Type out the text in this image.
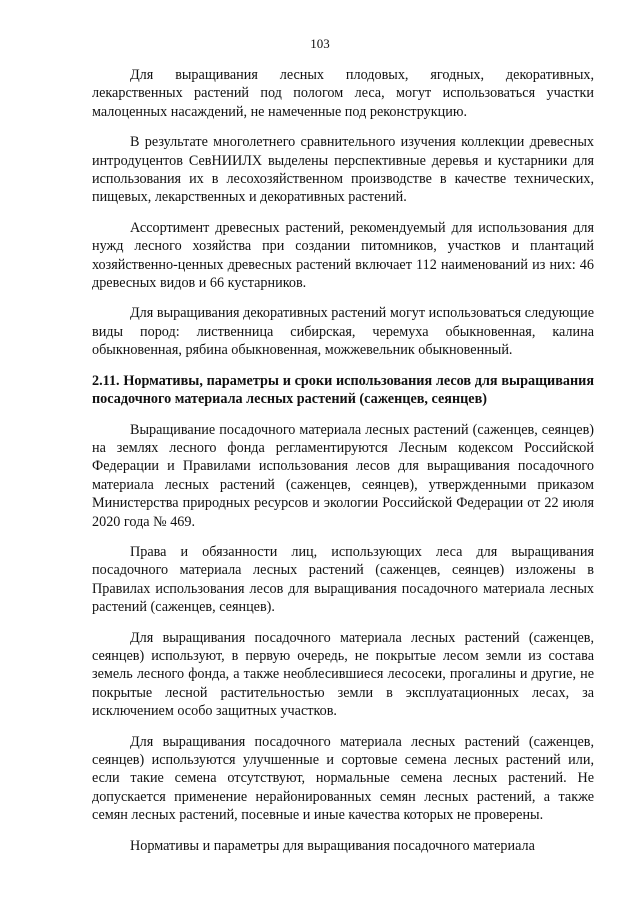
103

Для выращивания лесных плодовых, ягодных, декоративных, лекарственных растений под пологом леса, могут использоваться участки малоценных насаждений, не намеченные под реконструкцию.

В результате многолетнего сравнительного изучения коллекции древесных интродуцентов СевНИИЛХ выделены перспективные деревья и кустарники для использования их в лесохозяйственном производстве в качестве технических, пищевых, лекарственных и декоративных растений.

Ассортимент древесных растений, рекомендуемый для использования для нужд лесного хозяйства при создании питомников, участков и плантаций хозяйственно-ценных древесных растений включает 112 наименований из них: 46 древесных видов и 66 кустарников.

Для выращивания декоративных растений могут использоваться следующие виды пород: лиственница сибирская, черемуха обыкновенная, калина обыкновенная, рябина обыкновенная, можжевельник обыкновенный.

2.11. Нормативы, параметры и сроки использования лесов для выращивания посадочного материала лесных растений (саженцев, сеянцев)

Выращивание посадочного материала лесных растений (саженцев, сеянцев) на землях лесного фонда регламентируются Лесным кодексом Российской Федерации и Правилами использования лесов для выращивания посадочного материала лесных растений (саженцев, сеянцев), утвержденными приказом Министерства природных ресурсов и экологии Российской Федерации от 22 июля 2020 года № 469.

Права и обязанности лиц, использующих леса для выращивания посадочного материала лесных растений (саженцев, сеянцев) изложены в Правилах использования лесов для выращивания посадочного материала лесных растений (саженцев, сеянцев).

Для выращивания посадочного материала лесных растений (саженцев, сеянцев) используют, в первую очередь, не покрытые лесом земли из состава земель лесного фонда, а также необлесившиеся лесосеки, прогалины и другие, не покрытые лесной растительностью земли в эксплуатационных лесах, за исключением особо защитных участков.

Для выращивания посадочного материала лесных растений (саженцев, сеянцев) используются улучшенные и сортовые семена лесных растений или, если такие семена отсутствуют, нормальные семена лесных растений. Не допускается применение нерайонированных семян лесных растений, а также семян лесных растений, посевные и иные качества которых не проверены.

Нормативы и параметры для выращивания посадочного материала
